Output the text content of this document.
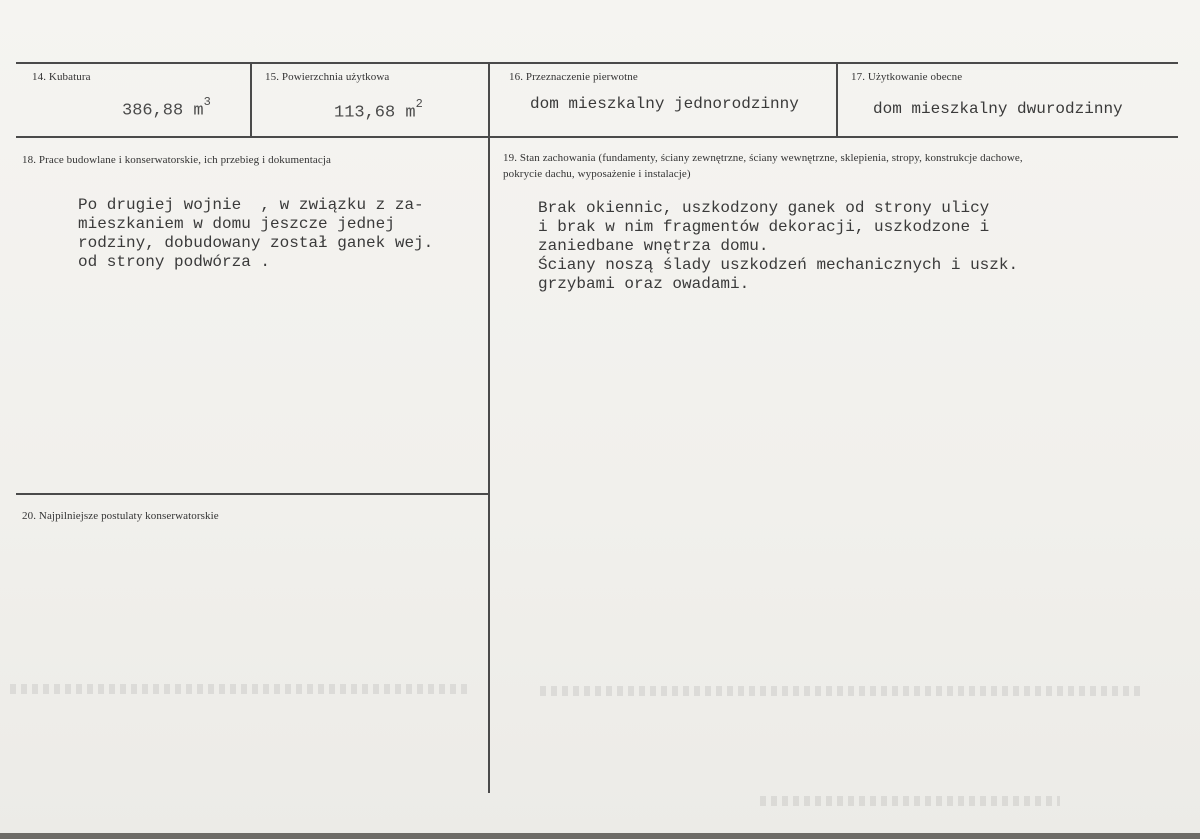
14. Kubatura
386,88 $m^3$
15. Powierzchnia użytkowa
113,68 $m^2$
16. Przeznaczenie pierwotne
dom mieszkalny jednorodzinny
17. Użytkowanie obecne
dom mieszkalny dwurodzinny
18. Prace budowlane i konserwatorskie, ich przebieg i dokumentacja
Po drugiej wojnie  , w związku z za-
mieszkaniem w domu jeszcze jednej
rodziny, dobudowany został ganek wej.
od strony podwórza .
19. Stan zachowania (fundamenty, ściany zewnętrzne, ściany wewnętrzne, sklepienia, stropy, konstrukcje dachowe, pokrycie dachu, wyposażenie i instalacje)
Brak okiennic, uszkodzony ganek od strony ulicy
i brak w nim fragmentów dekoracji, uszkodzone i
zaniedbane wnętrza domu.
Ściany noszą ślady uszkodzeń mechanicznych i uszk.
grzybami oraz owadami.
20. Najpilniejsze postulaty konserwatorskie
